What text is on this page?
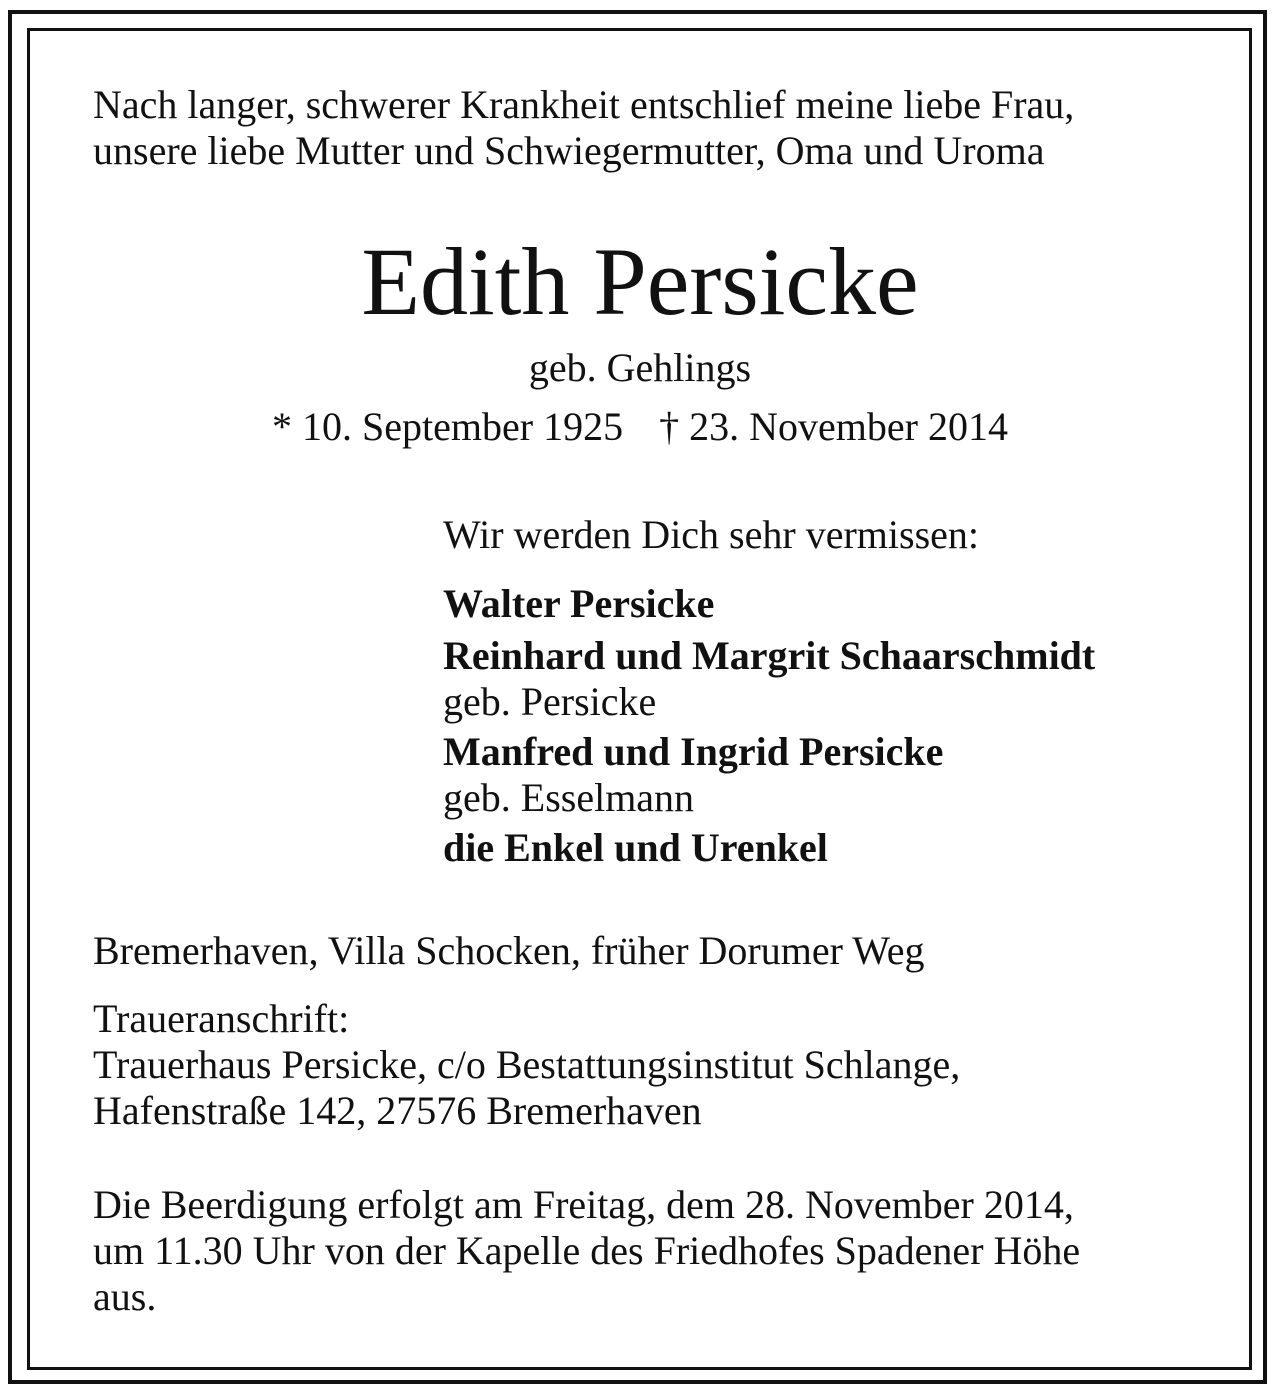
Nach langer, schwerer Krankheit entschlief meine liebe Frau,
unsere liebe Mutter und Schwiegermutter, Oma und Uroma

Edith Persicke

geb. Gehlings

* 10. September 1925 † 23. November 2014

Wir werden Dich sehr vermissen:

Walter Persicke
Reinhard und Margrit Schaarschmidt
geb. Persicke
Manfred und Ingrid Persicke
geb. Esselmann
die Enkel und Urenkel

Bremerhaven, Villa Schocken, früher Dorumer Weg

Traueranschrift:
Trauerhaus Persicke, c/o Bestattungsinstitut Schlange,
Hafenstraße 142, 27576 Bremerhaven

Die Beerdigung erfolgt am Freitag, dem 28. November 2014,
um 11.30 Uhr von der Kapelle des Friedhofes Spadener Höhe
aus.
